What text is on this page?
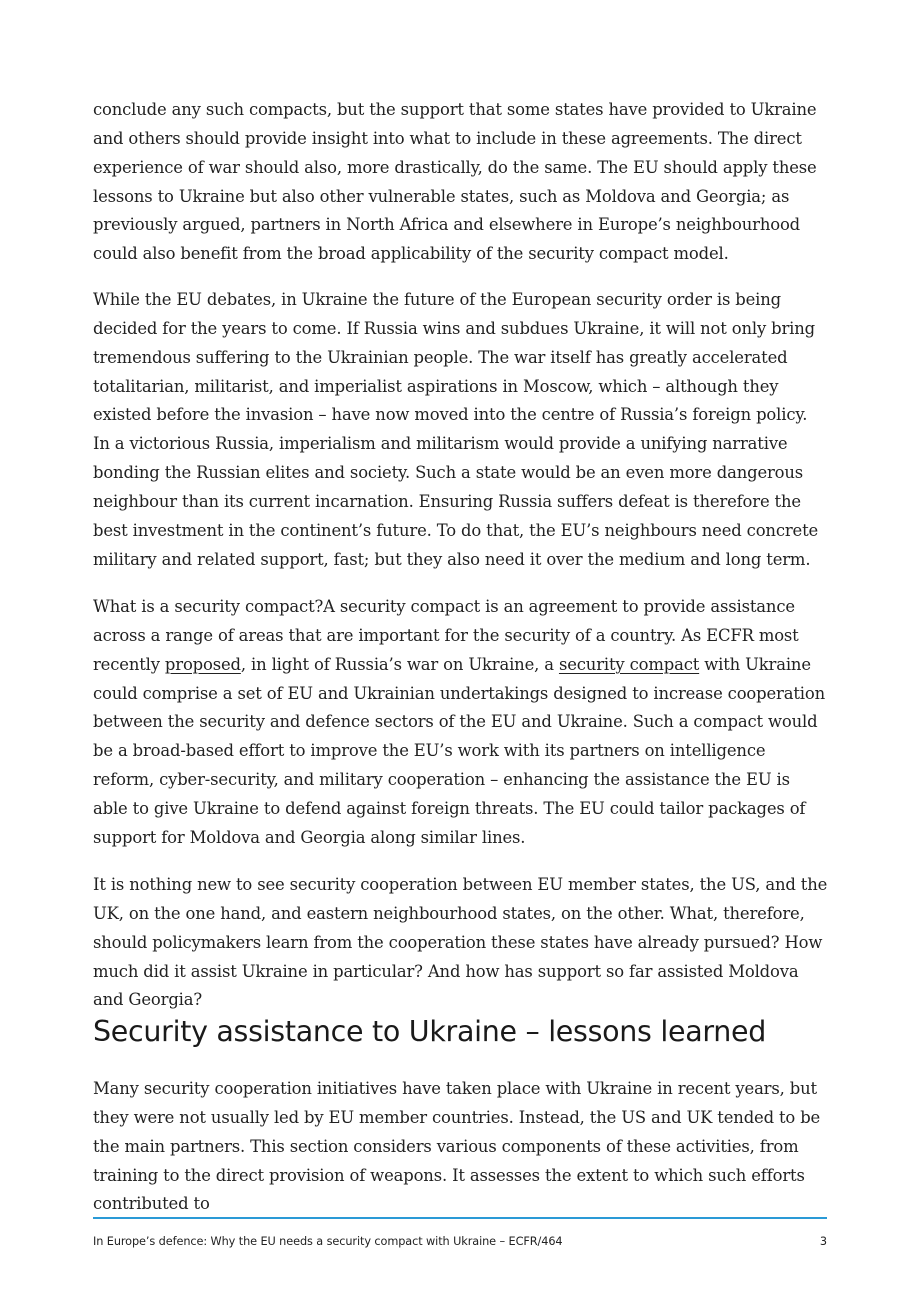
conclude any such compacts, but the support that some states have provided to Ukraine and others should provide insight into what to include in these agreements. The direct experience of war should also, more drastically, do the same. The EU should apply these lessons to Ukraine but also other vulnerable states, such as Moldova and Georgia; as previously argued, partners in North Africa and elsewhere in Europe’s neighbourhood could also benefit from the broad applicability of the security compact model.

While the EU debates, in Ukraine the future of the European security order is being decided for the years to come. If Russia wins and subdues Ukraine, it will not only bring tremendous suffering to the Ukrainian people. The war itself has greatly accelerated totalitarian, militarist, and imperialist aspirations in Moscow, which – although they existed before the invasion – have now moved into the centre of Russia’s foreign policy. In a victorious Russia, imperialism and militarism would provide a unifying narrative bonding the Russian elites and society. Such a state would be an even more dangerous neighbour than its current incarnation. Ensuring Russia suffers defeat is therefore the best investment in the continent’s future. To do that, the EU’s neighbours need concrete military and related support, fast; but they also need it over the medium and long term.

What is a security compact?A security compact is an agreement to provide assistance across a range of areas that are important for the security of a country. As ECFR most recently proposed, in light of Russia’s war on Ukraine, a security compact with Ukraine could comprise a set of EU and Ukrainian undertakings designed to increase cooperation between the security and defence sectors of the EU and Ukraine. Such a compact would be a broad-based effort to improve the EU’s work with its partners on intelligence reform, cyber-security, and military cooperation – enhancing the assistance the EU is able to give Ukraine to defend against foreign threats. The EU could tailor packages of support for Moldova and Georgia along similar lines.

It is nothing new to see security cooperation between EU member states, the US, and the UK, on the one hand, and eastern neighbourhood states, on the other. What, therefore, should policymakers learn from the cooperation these states have already pursued? How much did it assist Ukraine in particular? And how has support so far assisted Moldova and Georgia?

Security assistance to Ukraine – lessons learned

Many security cooperation initiatives have taken place with Ukraine in recent years, but they were not usually led by EU member countries. Instead, the US and UK tended to be the main partners. This section considers various components of these activities, from training to the direct provision of weapons. It assesses the extent to which such efforts contributed to

In Europe’s defence: Why the EU needs a security compact with Ukraine – ECFR/464	3
